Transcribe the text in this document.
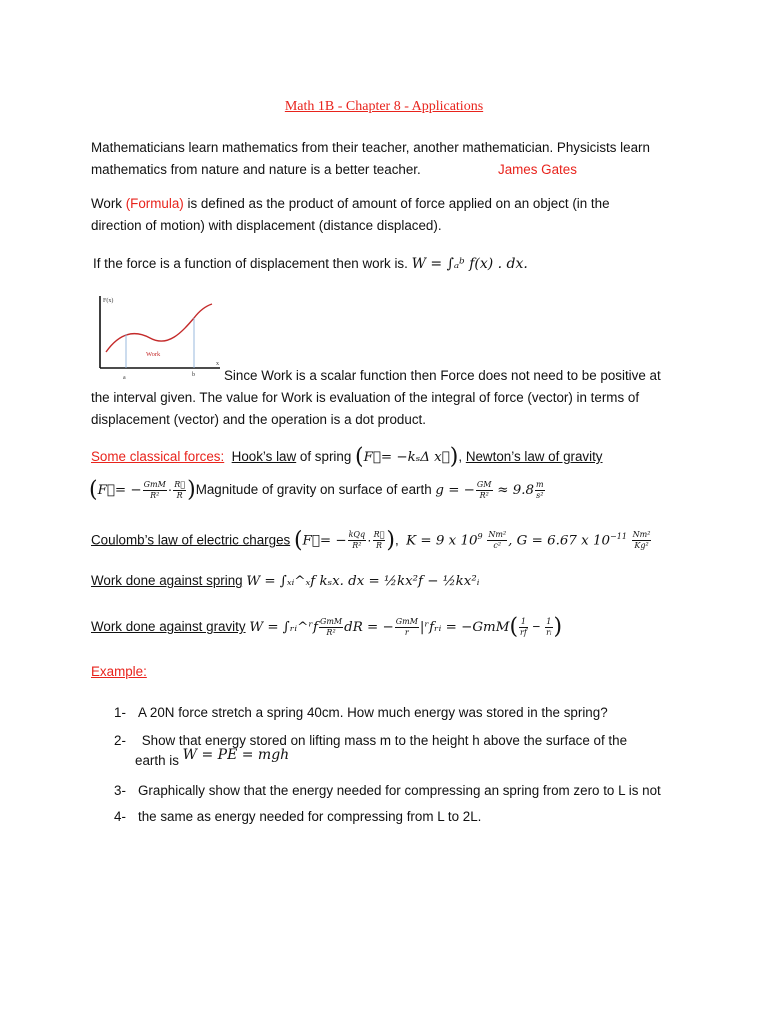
Math 1B - Chapter 8 - Applications
Mathematicians learn mathematics from their teacher, another mathematician. Physicists learn
mathematics from nature and nature is a better teacher.	James Gates
Work (Formula) is defined as the product of amount of force applied on an object (in the
direction of motion) with displacement (distance displaced).
If the force is a function of displacement then work is. W = ∫ₐᵇ f(x) . dx.
F(x)
x
Work
a	b Since Work is a scalar function then Force does not need to be positive at
the interval given. The value for Work is evaluation of the integral of force (vector) in terms of
displacement (vector) and the operation is a dot product.
Some classical forces: Hook’s law of spring (F⃗= −kₛΔ x⃗), Newton’s law of gravity
(F⃗= − $\frac{\text{GmM}}{\text{R²}} \cdot \frac{R⃗}{R}$ )Magnitude of gravity on surface of earth g = − $\frac{GM}{\text{R²}} \approx 9.8 \frac{m}{\text{s²}}$
Coulomb’s law of electric charges (F⃗= − $\frac{\text{kQq}}{\text{R²}} \cdot \frac{R⃗}{R}$ ),  K = 9 x $10^9 \frac{\text{Nm²}}{\text{c²}}$ , G = 6.67 x $10^{-11} \frac{\text{Nm²}}{\text{Kg²}}$
Work done against spring W = ∫ₓᵢ^ₓf kₛx. dx = ½kx²f − ½kx²ᵢ
Work done against gravity W = ∫ᵣᵢ^ʳf $\frac{\text{GmM}}{\text{R²}}$ dR = − $\frac{\text{GmM}}{r}$ |ʳfᵣᵢ = $-GmM( \frac{1}{rf} - \frac{1}{\text{rᵢ}}$ )
Example:
1- A 20N force stretch a spring 40cm. How much energy was stored in the spring?
2- Show that energy stored on lifting mass m to the height h above the surface of the
earth is W = PE = mgh
3- Graphically show that the energy needed for compressing an spring from zero to L is not
4- the same as energy needed for compressing from L to 2L.
